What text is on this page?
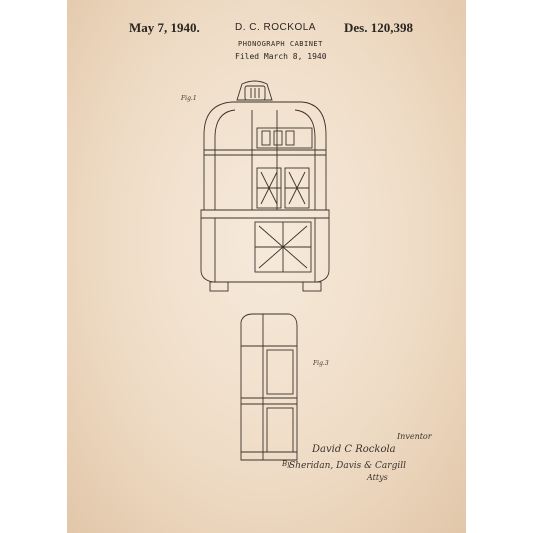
May 7, 1940.	D. C. ROCKOLA Des. 120,398
PHONOGRAPH CABINET
Filed March 8, 1940
Fig.1
Fig.3
Inventor
David C Rockola
By
Sheridan, Davis & Cargill
Attys
